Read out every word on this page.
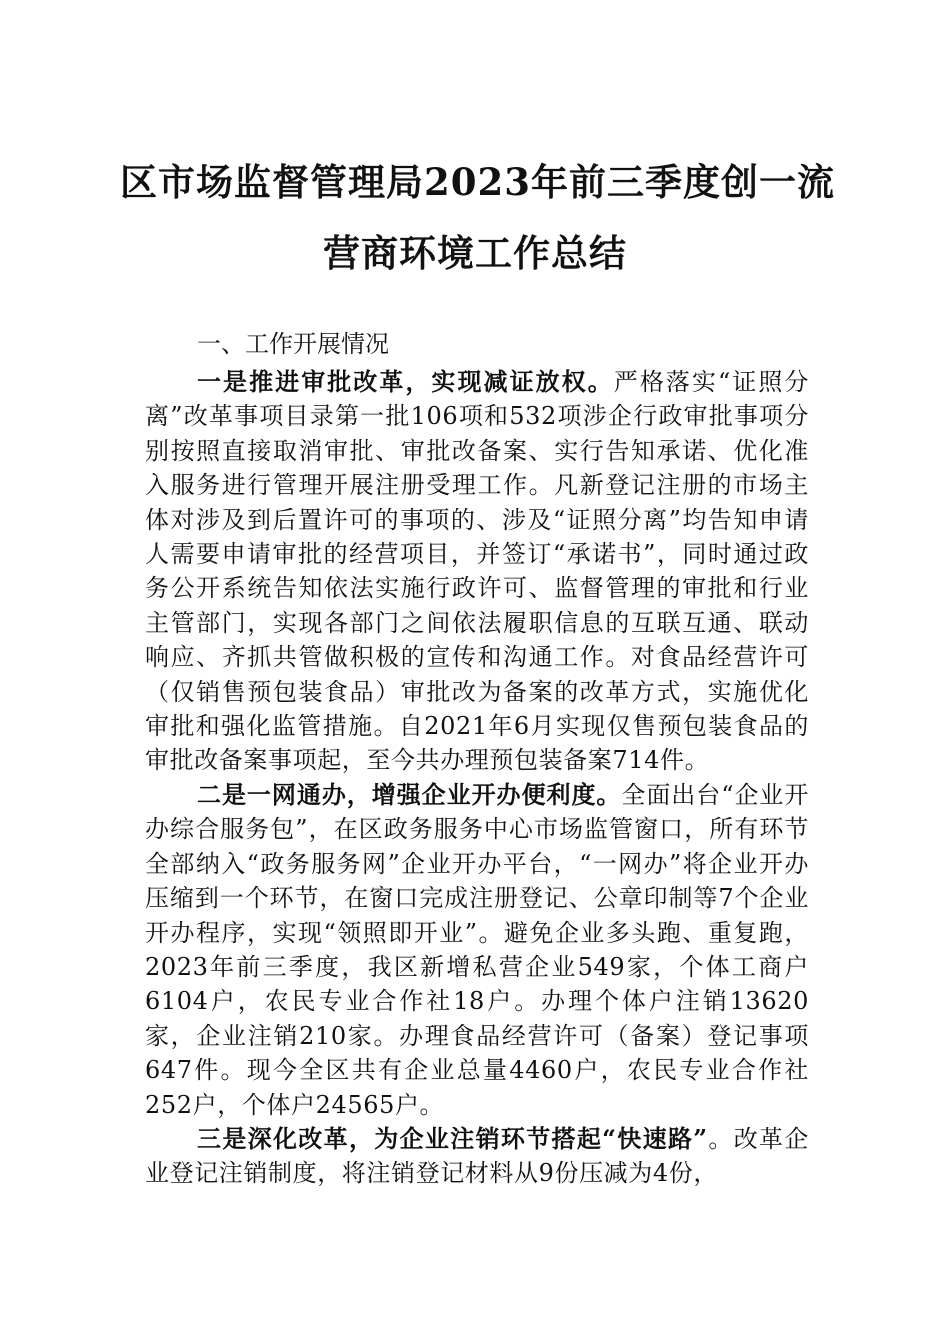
区市场监督管理局2023年前三季度创一流
营商环境工作总结
一、工作开展情况

一是推进审批改革，实现减证放权。严格落实“证照分离”改革事项目录第一批106项和532项涉企行政审批事项分别按照直接取消审批、审批改备案、实行告知承诺、优化准入服务进行管理开展注册受理工作。凡新登记注册的市场主体对涉及到后置许可的事项的、涉及“证照分离”均告知申请人需要申请审批的经营项目，并签订“承诺书”，同时通过政务公开系统告知依法实施行政许可、监督管理的审批和行业主管部门，实现各部门之间依法履职信息的互联互通、联动响应、齐抓共管做积极的宣传和沟通工作。对食品经营许可（仅销售预包装食品）审批改为备案的改革方式，实施优化审批和强化监管措施。自2021年6月实现仅售预包装食品的审批改备案事项起，至今共办理预包装备案714件。

二是一网通办，增强企业开办便利度。全面出台“企业开办综合服务包”，在区政务服务中心市场监管窗口，所有环节全部纳入“政务服务网”企业开办平台，“一网办”将企业开办压缩到一个环节，在窗口完成注册登记、公章印制等7个企业开办程序，实现“领照即开业”。避免企业多头跑、重复跑，2023年前三季度，我区新增私营企业549家，个体工商户6104户，农民专业合作社18户。办理个体户注销13620家，企业注销210家。办理食品经营许可（备案）登记事项647件。现今全区共有企业总量4460户，农民专业合作社252户，个体户24565户。

三是深化改革，为企业注销环节搭起“快速路”。改革企业登记注销制度，将注销登记材料从9份压减为4份，
